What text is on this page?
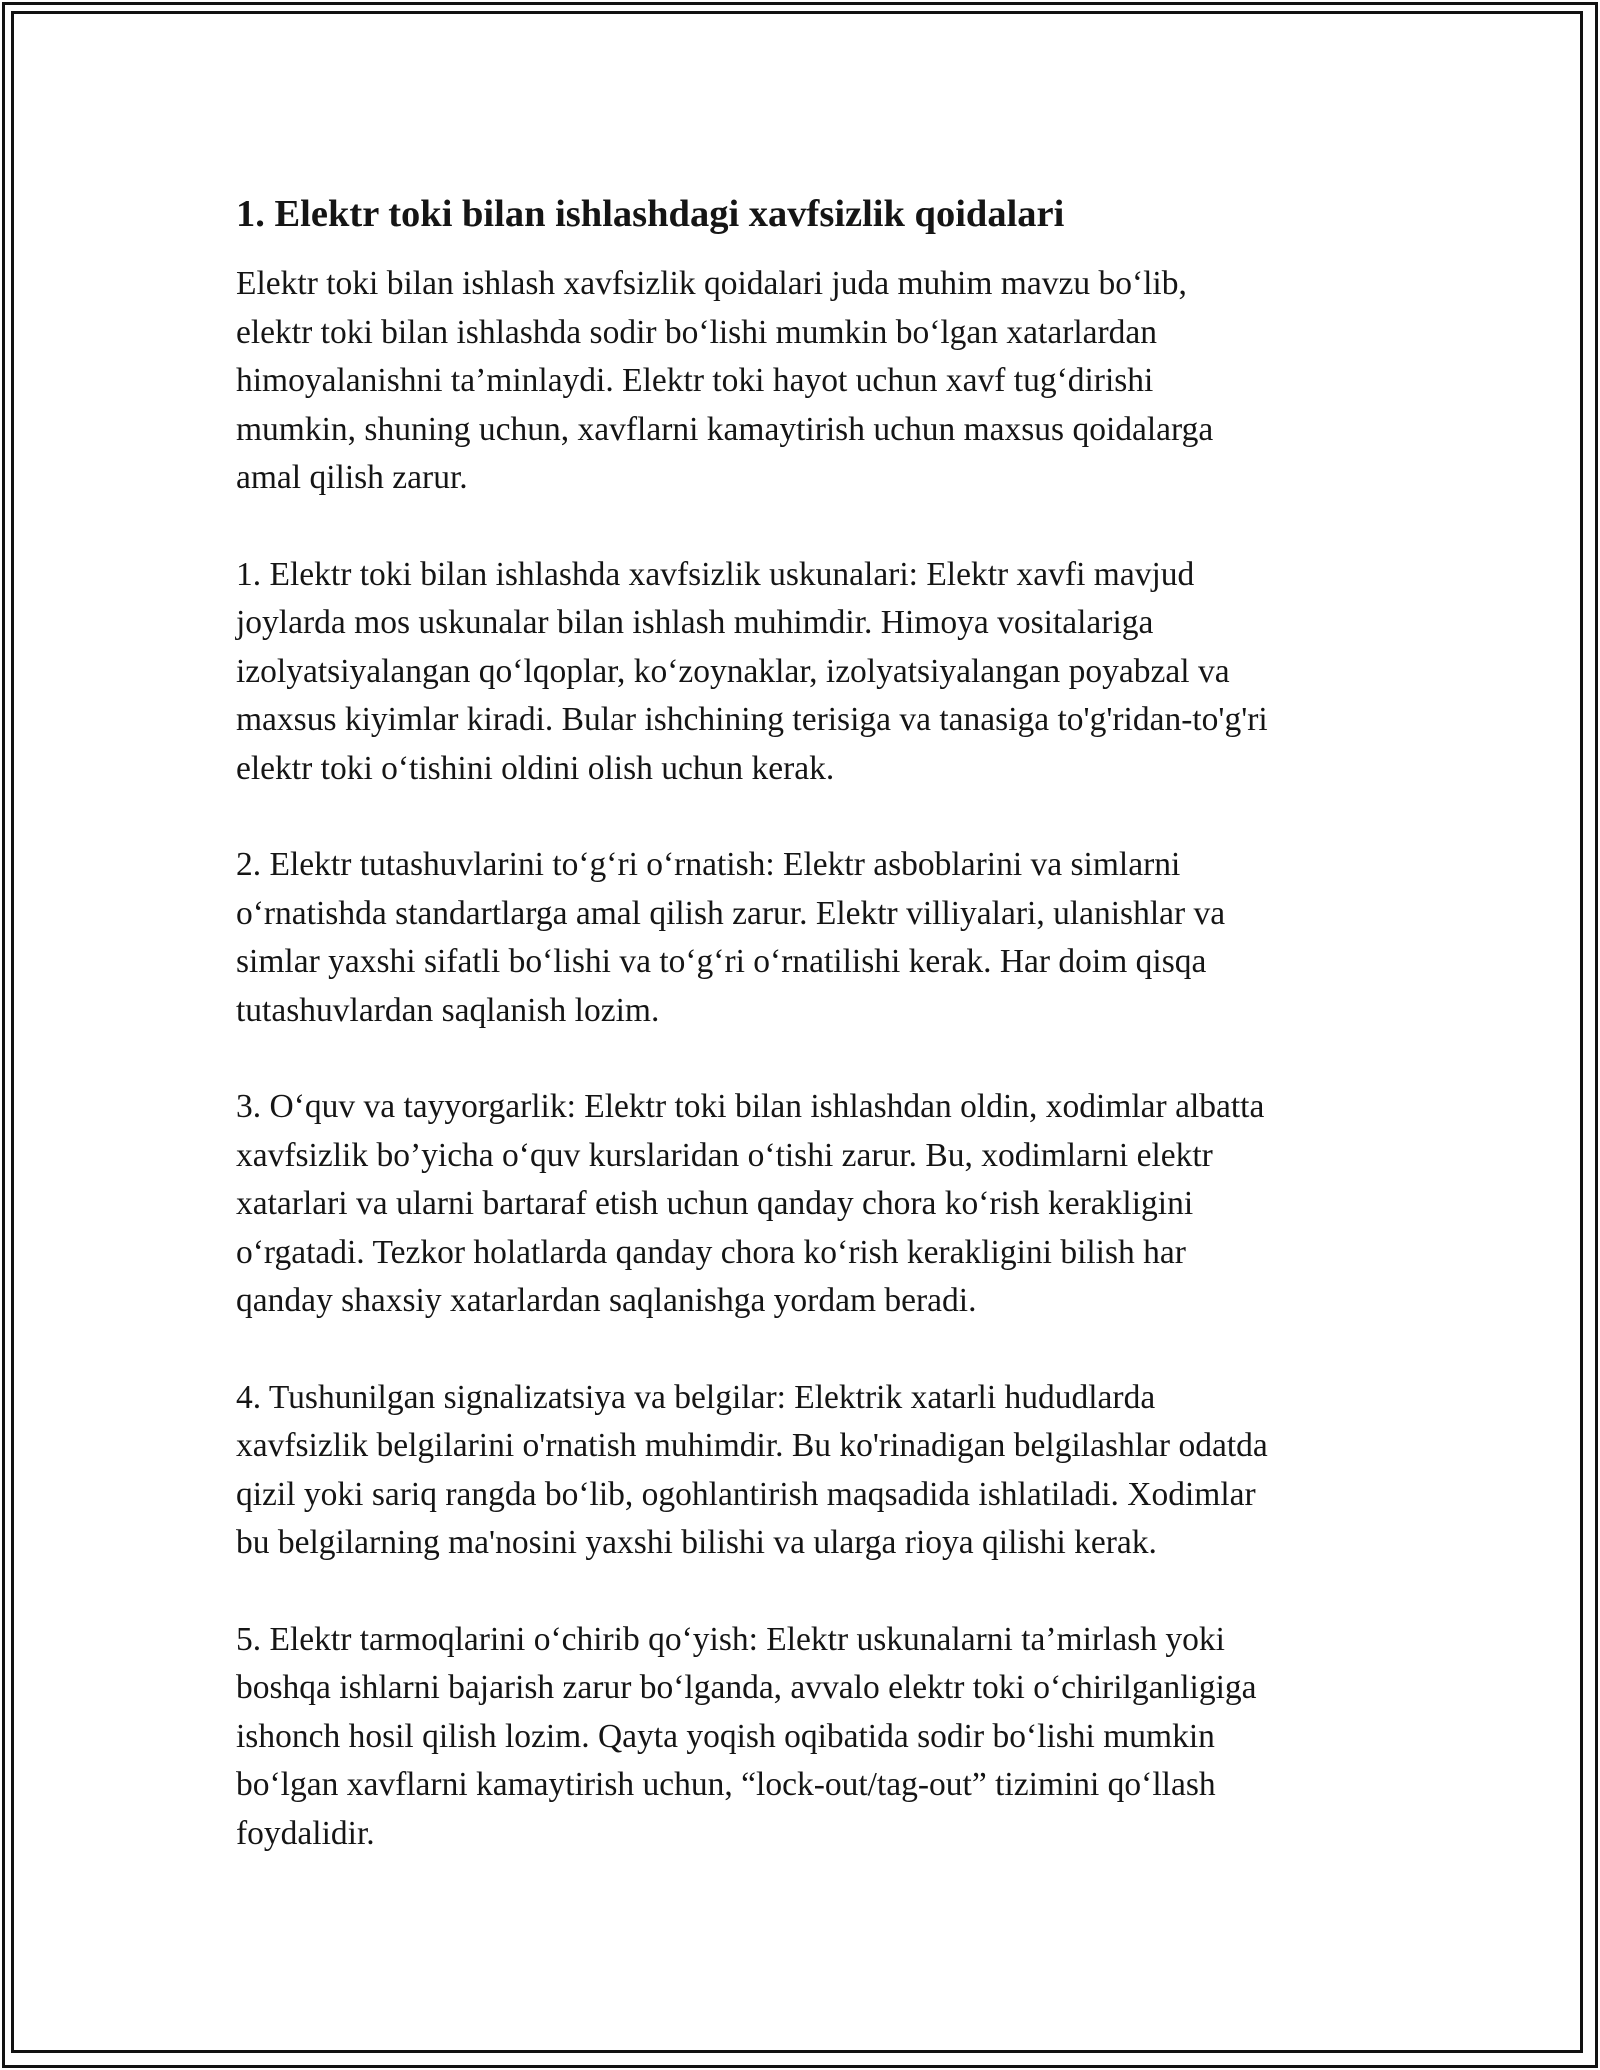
1. Elektr toki bilan ishlashdagi xavfsizlik qoidalari

Elektr toki bilan ishlash xavfsizlik qoidalari juda muhim mavzu bo‘lib,
elektr toki bilan ishlashda sodir bo‘lishi mumkin bo‘lgan xatarlardan
himoyalanishni ta’minlaydi. Elektr toki hayot uchun xavf tug‘dirishi
mumkin, shuning uchun, xavflarni kamaytirish uchun maxsus qoidalarga
amal qilish zarur.

1. Elektr toki bilan ishlashda xavfsizlik uskunalari: Elektr xavfi mavjud
joylarda mos uskunalar bilan ishlash muhimdir. Himoya vositalariga
izolyatsiyalangan qo‘lqoplar, ko‘zoynaklar, izolyatsiyalangan poyabzal va
maxsus kiyimlar kiradi. Bular ishchining terisiga va tanasiga to'g'ridan-to'g'ri
elektr toki o‘tishini oldini olish uchun kerak.

2. Elektr tutashuvlarini to‘g‘ri o‘rnatish: Elektr asboblarini va simlarni
o‘rnatishda standartlarga amal qilish zarur. Elektr villiyalari, ulanishlar va
simlar yaxshi sifatli bo‘lishi va to‘g‘ri o‘rnatilishi kerak. Har doim qisqa
tutashuvlardan saqlanish lozim.

3. O‘quv va tayyorgarlik: Elektr toki bilan ishlashdan oldin, xodimlar albatta
xavfsizlik bo’yicha o‘quv kurslaridan o‘tishi zarur. Bu, xodimlarni elektr
xatarlari va ularni bartaraf etish uchun qanday chora ko‘rish kerakligini
o‘rgatadi. Tezkor holatlarda qanday chora ko‘rish kerakligini bilish har
qanday shaxsiy xatarlardan saqlanishga yordam beradi.

4. Tushunilgan signalizatsiya va belgilar: Elektrik xatarli hududlarda
xavfsizlik belgilarini o'rnatish muhimdir. Bu ko'rinadigan belgilashlar odatda
qizil yoki sariq rangda bo‘lib, ogohlantirish maqsadida ishlatiladi. Xodimlar
bu belgilarning ma'nosini yaxshi bilishi va ularga rioya qilishi kerak.

5. Elektr tarmoqlarini o‘chirib qo‘yish: Elektr uskunalarni ta’mirlash yoki
boshqa ishlarni bajarish zarur bo‘lganda, avvalo elektr toki o‘chirilganligiga
ishonch hosil qilish lozim. Qayta yoqish oqibatida sodir bo‘lishi mumkin
bo‘lgan xavflarni kamaytirish uchun, “lock-out/tag-out” tizimini qo‘llash
foydalidir.
